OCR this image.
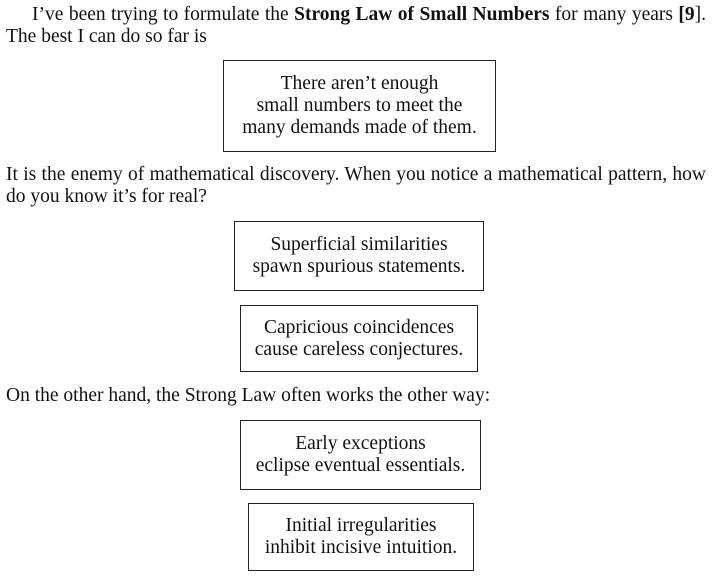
I’ve been trying to formulate the Strong Law of Small Numbers for many years [9]. The best I can do so far is

There aren’t enough
small numbers to meet the
many demands made of them.

It is the enemy of mathematical discovery. When you notice a mathematical pattern, how do you know it’s for real?

Superficial similarities
spawn spurious statements.
Capricious coincidences
cause careless conjectures.

On the other hand, the Strong Law often works the other way:

Early exceptions
eclipse eventual essentials.
Initial irregularities
inhibit incisive intuition.
